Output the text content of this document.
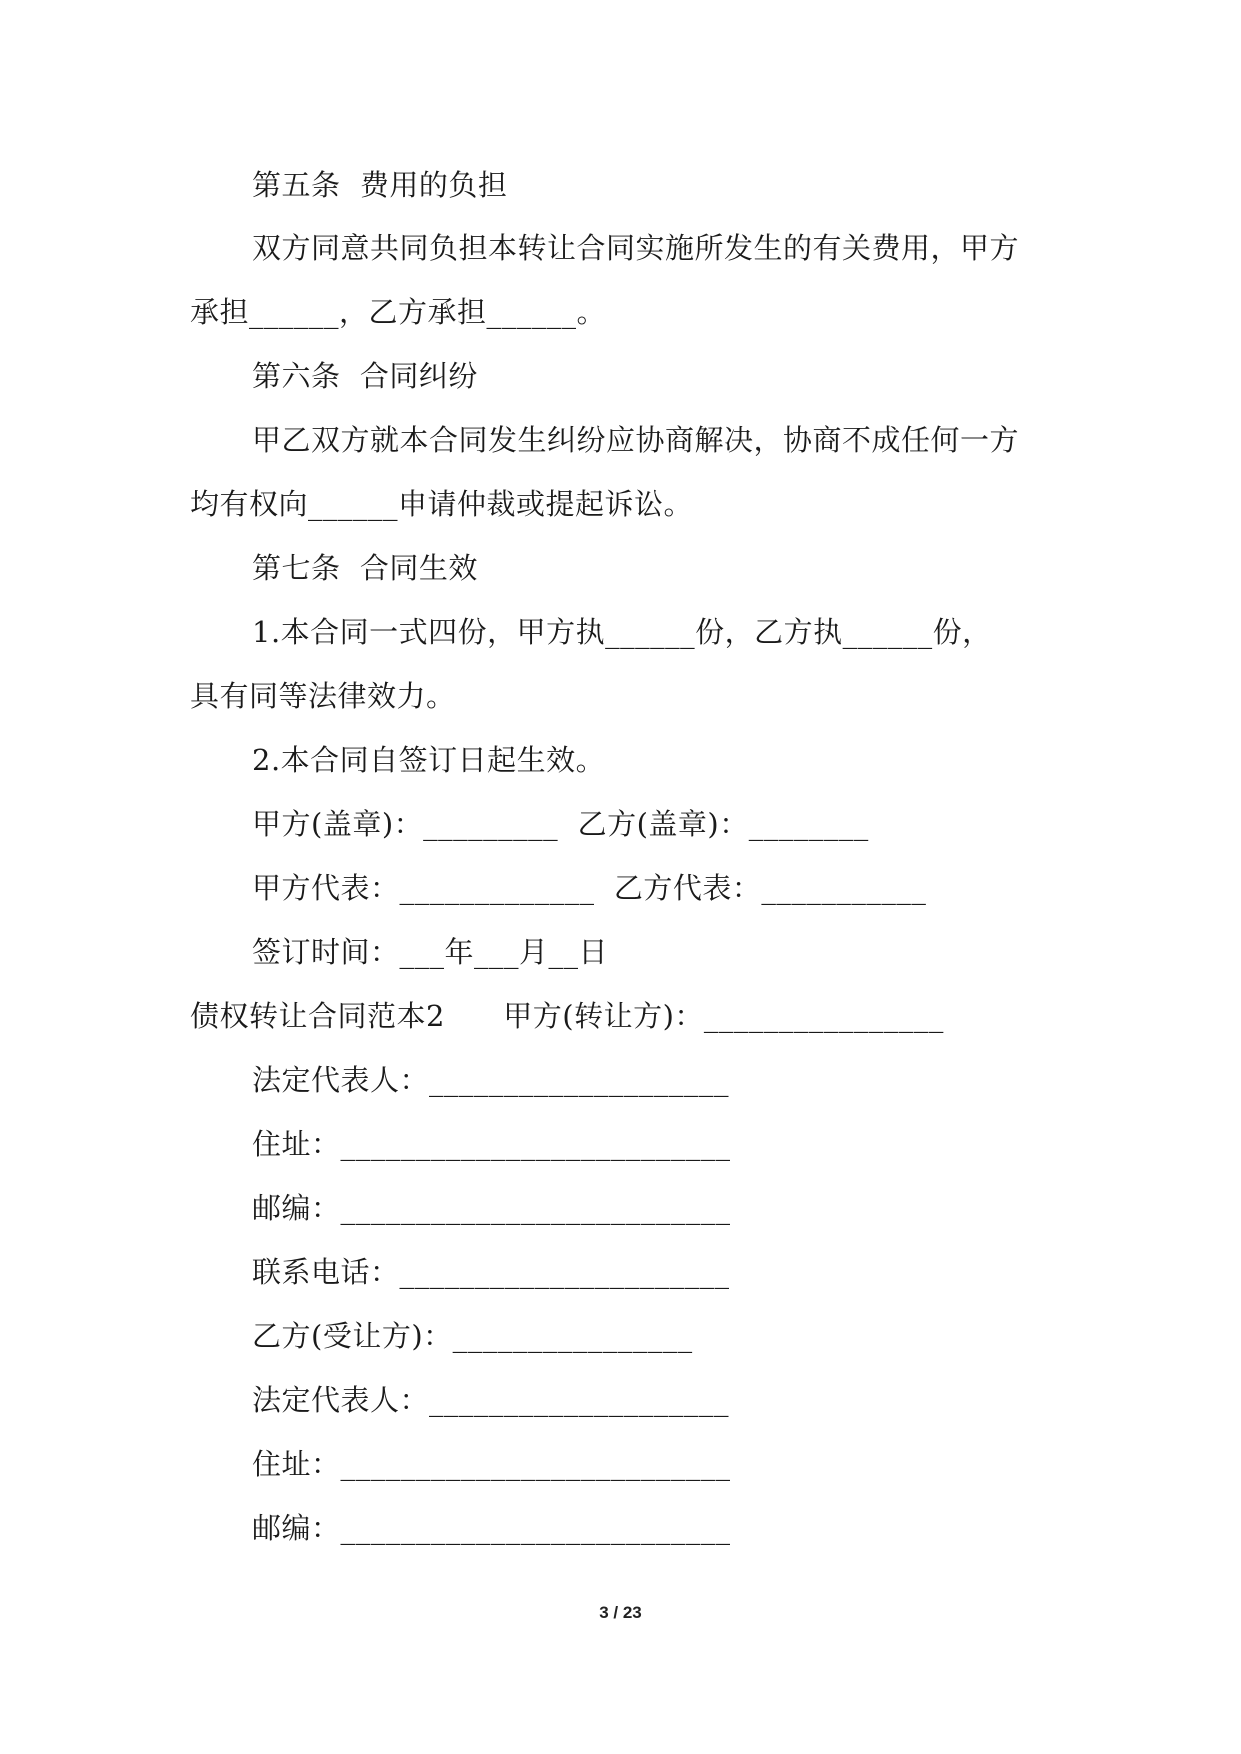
第五条  费用的负担
双方同意共同负担本转让合同实施所发生的有关费用，甲方
承担______，乙方承担______。
第六条  合同纠纷
甲乙双方就本合同发生纠纷应协商解决，协商不成任何一方
均有权向______申请仲裁或提起诉讼。
第七条  合同生效
1.本合同一式四份，甲方执______份，乙方执______份，
具有同等法律效力。
2.本合同自签订日起生效。
甲方(盖章)：_________  乙方(盖章)：________
甲方代表：_____________  乙方代表：___________
签订时间：___年___月__日
债权转让合同范本2      甲方(转让方)：________________
法定代表人：____________________
住址：__________________________
邮编：__________________________
联系电话：______________________
乙方(受让方)：________________
法定代表人：____________________
住址：__________________________
邮编：__________________________
3 / 23
